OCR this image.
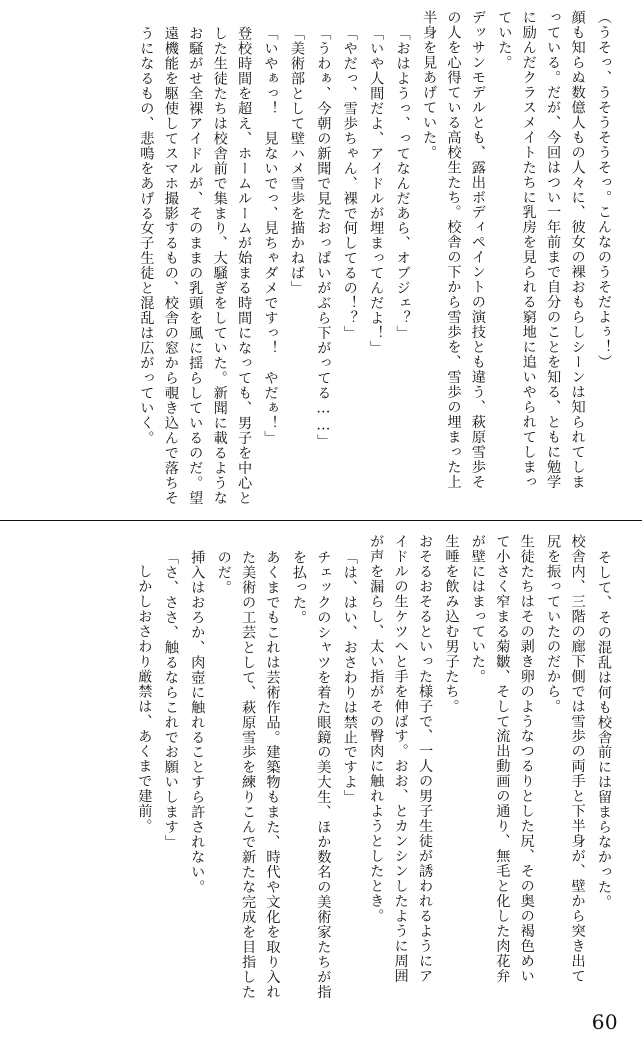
（うそっ、うそうそうそっ。こんなのうそだよぅ！）
顔も知らぬ数億人もの人々に、彼女の裸おもらしシーンは知られてしまっている。だが、今回はつい一年前まで自分のことを知る、ともに勉学に励んだクラスメイトたちに乳房を見られる窮地に追いやられてしまっていた。
デッサンモデルとも、露出ボディペイントの演技とも違う、萩原雪歩その人を心得ている高校生たち。校舎の下から雪歩を、雪歩の埋まった上半身を見あげていた。
「おはようっ、ってなんだあら、オブジェ？」
「いや人間だよ、アイドルが埋まってんだよ！」
「やだっ、雪歩ちゃん、裸で何してるの！？」
「うわぁ、今朝の新聞で見たおっぱいがぶら下がってる……」
「美術部として壁ハメ雪歩を描かねば」
「いやぁっ！　見ないでっ、見ちゃダメですっ！　やだぁ！」
登校時間を超え、ホームルームが始まる時間になっても、男子を中心とした生徒たちは校舎前で集まり、大騒ぎをしていた。新聞に載るようなお騒がせ全裸アイドルが、そのままの乳頭を風に揺らしているのだ。望遠機能を駆使してスマホ撮影するもの、校舎の窓から覗き込んで落ちそうになるもの、悲鳴をあげる女子生徒と混乱は広がっていく。
そして、その混乱は何も校舎前には留まらなかった。
校舎内、三階の廊下側では雪歩の両手と下半身が、壁から突き出て尻を振っていたのだから。
生徒たちはその剥き卵のようなつるりとした尻、その奥の褐色めいて小さく窄まる菊皺、そして流出動画の通り、無毛と化した肉花弁が壁にはまっていた。
生唾を飲み込む男子たち。
おそるおそるといった様子で、一人の男子生徒が誘われるようにアイドルの生ケツへと手を伸ばす。おお、とカンシンしたように周囲が声を漏らし、太い指がその臀肉に触れようとしたとき。
「は、はい、おさわりは禁止ですよ」
チェックのシャツを着た眼鏡の美大生、ほか数名の美術家たちが指を払った。
あくまでもこれは芸術作品。建築物もまた、時代や文化を取り入れた美術の工芸として、萩原雪歩を練りこんで新たな完成を目指したのだ。
挿入はおろか、肉壺に触れることすら許されない。
「さ、ささ、触るならこれでお願いします」
しかしおさわり厳禁は、あくまで建前。
60
